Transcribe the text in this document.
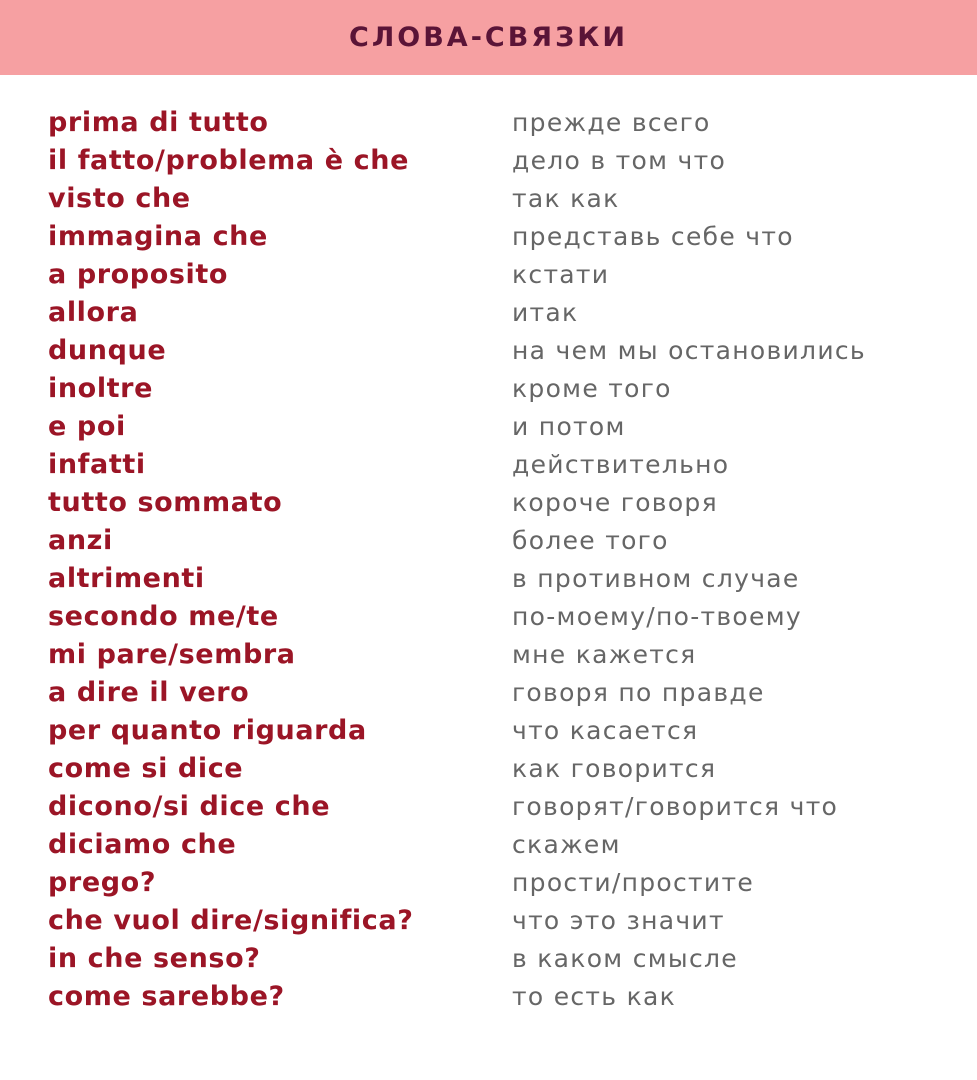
СЛОВА-СВЯЗКИ
prima di tutto	прежде всего
il fatto/problema è che	дело в том что
visto che	так как
immagina che	представь себе что
a proposito	кстати
allora	итак
dunque	на чем мы остановились
inoltre	кроме того
e poi	и потом
infatti	действительно
tutto sommato	короче говоря
anzi	более того
altrimenti	в противном случае
secondo me/te	по-моему/по-твоему
mi pare/sembra	мне кажется
a dire il vero	говоря по правде
per quanto riguarda	что касается
come si dice	как говорится
dicono/si dice che	говорят/говорится что
diciamo che	скажем
prego?	прости/простите
che vuol dire/significa?	что это значит
in che senso?	в каком смысле
come sarebbe?	то есть как
